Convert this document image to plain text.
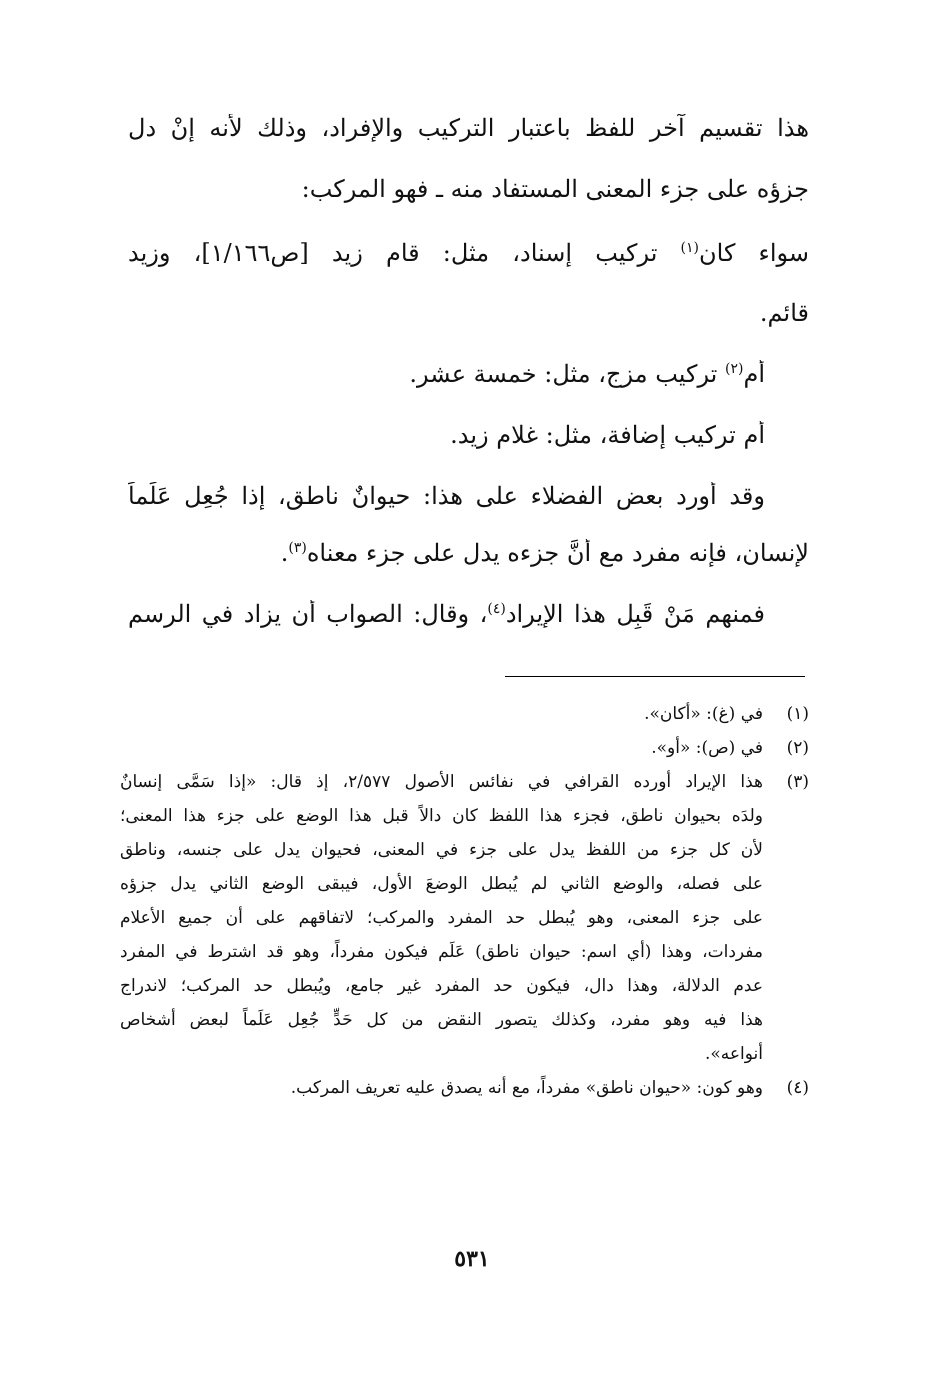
هذا تقسيم آخر للفظ باعتبار التركيب والإفراد، وذلك لأنه إنْ دل

جزؤه على جزء المعنى المستفاد منه ـ فهو المركب:

سواء كان$^{(١)}$ تركيب إسناد، مثل: قام زيد [ص١/١٦٦]، وزيد

قائم.

أم$^{(٢)}$ تركيب مزج، مثل: خمسة عشر.

أم تركيب إضافة، مثل: غلام زيد.

وقد أورد بعض الفضلاء على هذا: حيوانٌ ناطق، إذا جُعِل عَلَماً

لإنسان، فإنه مفرد مع أنَّ جزءه يدل على جزء معناه$^{(٣)}$.

فمنهم مَنْ قَبِل هذا الإيراد$^{(٤)}$، وقال: الصواب أن يزاد في الرسم

(١)
في (غ): «أكان».

(٢)
في (ص): «أو».

(٣)
هذا الإيراد أورده القرافي في نفائس الأصول ٢/٥٧٧، إذ قال: «إذا سَمَّى إنسانٌ

ولدَه بحيوان ناطق، فجزء هذا اللفظ كان دالاً قبل هذا الوضع على جزء هذا المعنى؛

لأن كل جزء من اللفظ يدل على جزء في المعنى، فحيوان يدل على جنسه، وناطق

على فصله، والوضع الثاني لم يُبطل الوضعَ الأول، فيبقى الوضع الثاني يدل جزؤه

على جزء المعنى، وهو يُبطل حد المفرد والمركب؛ لاتفاقهم على أن جميع الأعلام

مفردات، وهذا (أي اسم: حيوان ناطق) عَلَم فيكون مفرداً، وهو قد اشترط في المفرد

عدم الدلالة، وهذا دال، فيكون حد المفرد غير جامع، ويُبطل حد المركب؛ لاندراج

هذا فيه وهو مفرد، وكذلك يتصور النقض من كل حَدٍّ جُعِل عَلَماً لبعض أشخاص

أنواعه».

(٤)
وهو كون: «حيوان ناطق» مفرداً، مع أنه يصدق عليه تعريف المركب.

٥٣١
